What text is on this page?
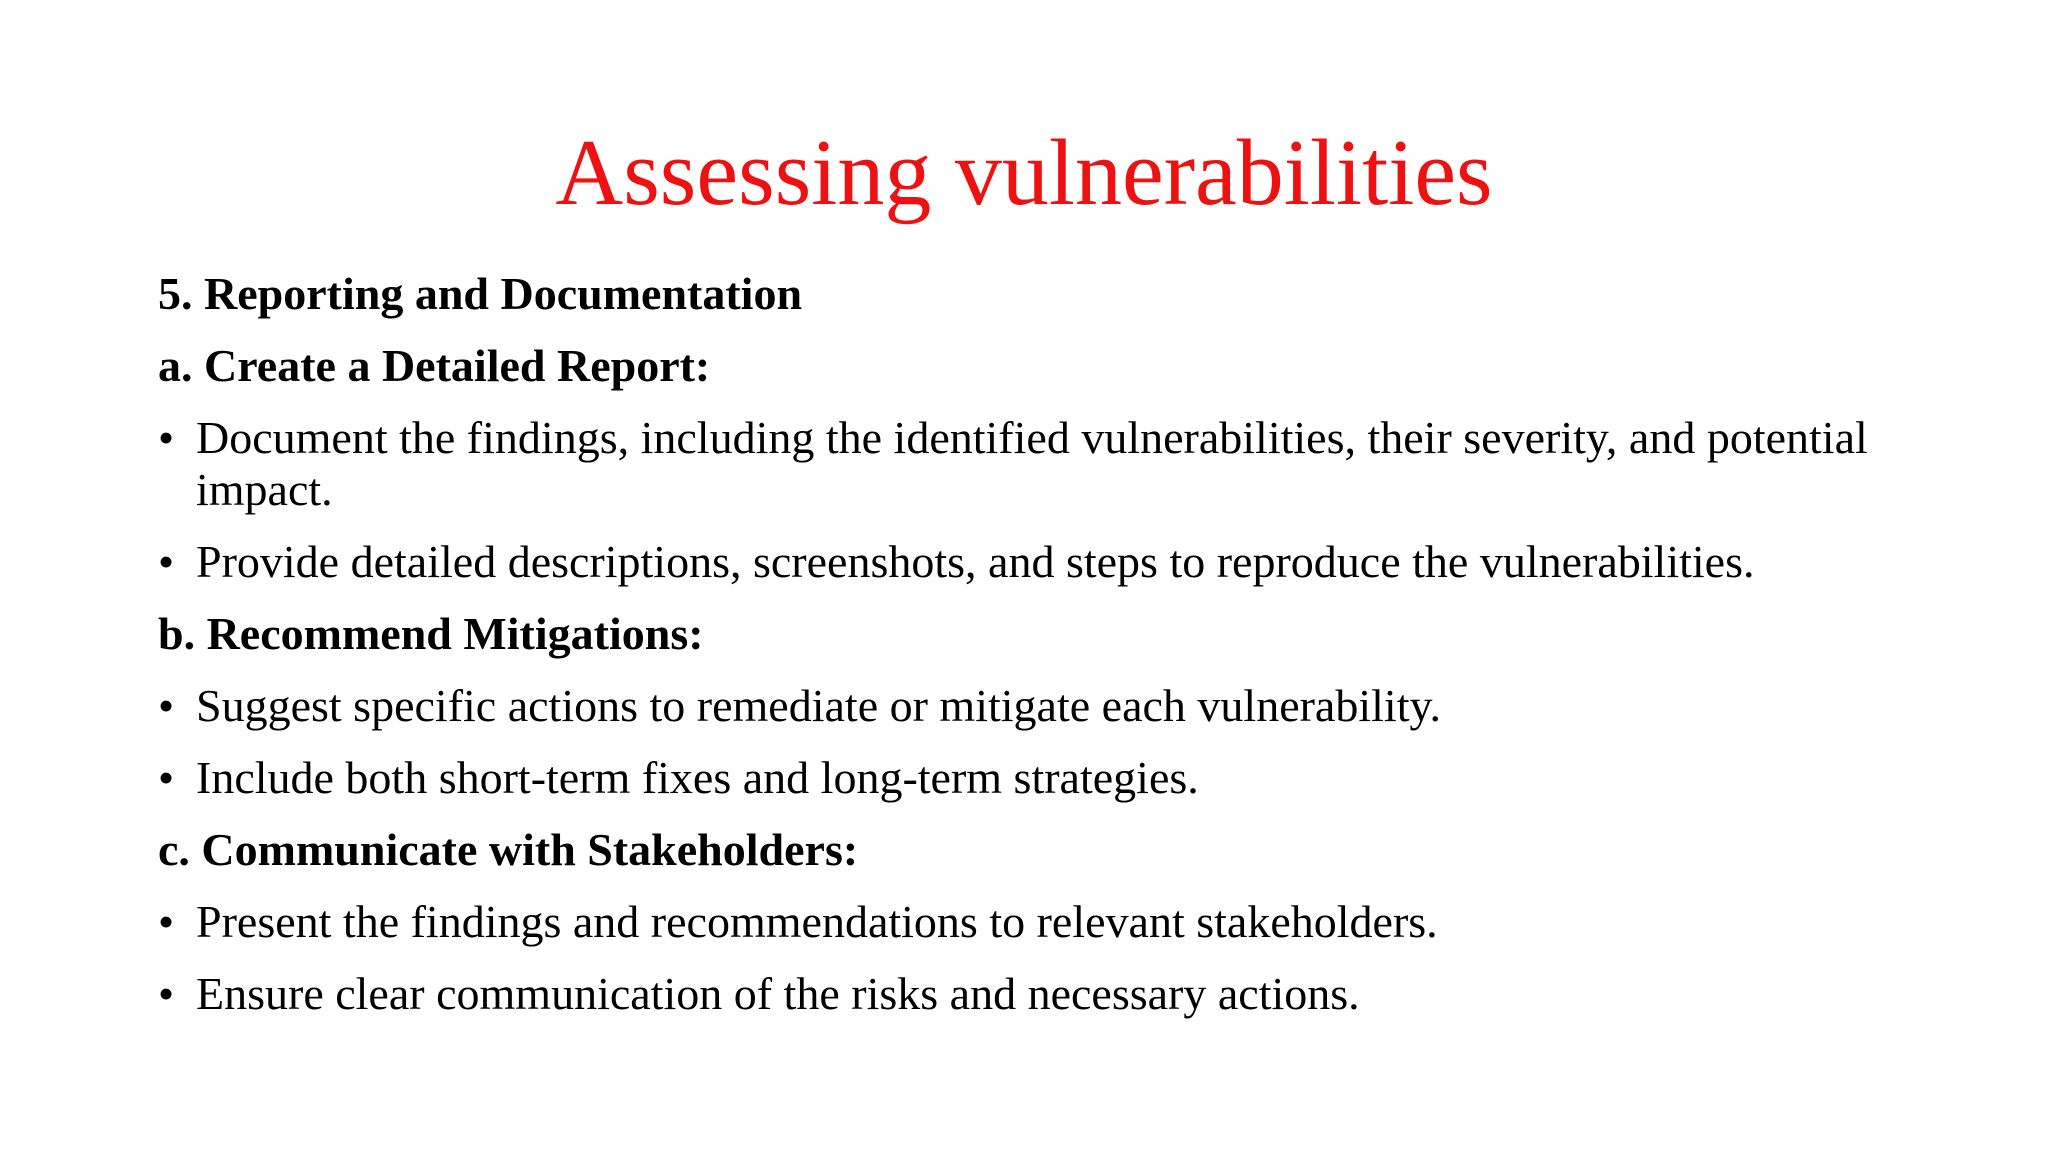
Assessing vulnerabilities
5. Reporting and Documentation
a. Create a Detailed Report:
• Document the findings, including the identified vulnerabilities, their severity, and potential impact.
• Provide detailed descriptions, screenshots, and steps to reproduce the vulnerabilities.
b. Recommend Mitigations:
• Suggest specific actions to remediate or mitigate each vulnerability.
• Include both short-term fixes and long-term strategies.
c. Communicate with Stakeholders:
• Present the findings and recommendations to relevant stakeholders.
• Ensure clear communication of the risks and necessary actions.
